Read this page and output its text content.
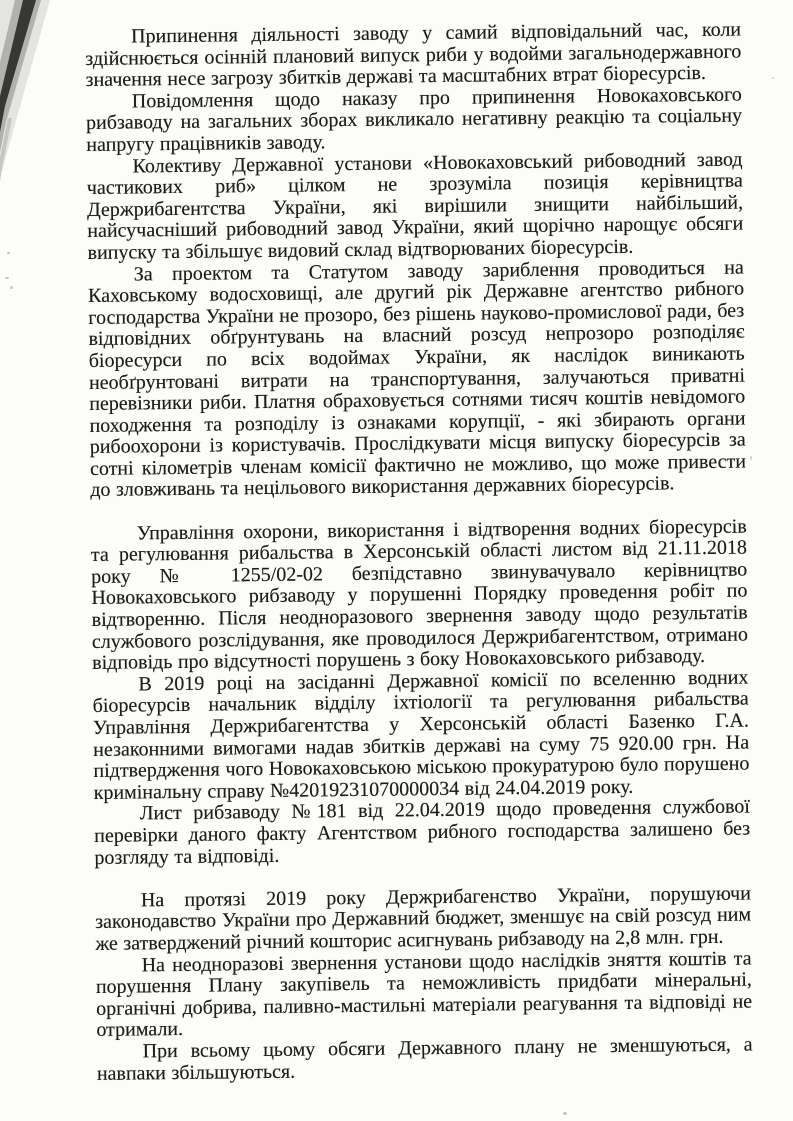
Припинення діяльності заводу у самий відповідальний час, коли здійснюється осінній плановий випуск риби у водойми загальнодержавного значення несе загрозу збитків державі та масштабних втрат біоресурсів.

Повідомлення щодо наказу про припинення Новокаховського рибзаводу на загальних зборах викликало негативну реакцію та соціальну напругу працівників заводу.

Колективу Державної установи «Новокаховський рибоводний завод частикових риб» цілком не зрозуміла позиція керівництва Держрибагентства України, які вирішили знищити найбільший, найсучасніший рибоводний завод України, який щорічно нарощує обсяги випуску та збільшує видовий склад відтворюваних біоресурсів.

За проектом та Статутом заводу зариблення проводиться на Каховському водосховищі, але другий рік Державне агентство рибного господарства України не прозоро, без рішень науково-промислової ради, без відповідних обґрунтувань на власний розсуд непрозоро розподіляє біоресурси по всіх водоймах України, як наслідок виникають необґрунтовані витрати на транспортування, залучаються приватні перевізники риби. Платня обраховується сотнями тисяч коштів невідомого походження та розподілу із ознаками корупції, - які збирають органи рибоохорони із користувачів. Прослідкувати місця випуску біоресурсів за сотні кілометрів членам комісії фактично не можливо, що може привести до зловживань та нецільового використання державних біоресурсів.

Управління охорони, використання і відтворення водних біоресурсів та регулювання рибальства в Херсонській області листом від 21.11.2018 року № 1255/02-02 безпідставно звинувачувало керівництво Новокаховського рибзаводу у порушенні Порядку проведення робіт по відтворенню. Після неодноразового звернення заводу щодо результатів службового розслідування, яке проводилося Держрибагентством, отримано відповідь про відсутності порушень з боку Новокаховського рибзаводу.

В 2019 році на засіданні Державної комісії по вселенню водних біоресурсів начальник відділу іхтіології та регулювання рибальства Управління Держрибагентства у Херсонській області Базенко Г.А. незаконними вимогами надав збитків державі на суму 75 920.00 грн. На підтвердження чого Новокаховською міською прокуратурою було порушено кримінальну справу №42019231070000034 від 24.04.2019 року.

Лист рибзаводу №181 від 22.04.2019 щодо проведення службової перевірки даного факту Агентством рибного господарства залишено без розгляду та відповіді.

На протязі 2019 року Держрибагенство України, порушуючи законодавство України про Державний бюджет, зменшує на свій розсуд ним же затверджений річний кошторис асигнувань рибзаводу на 2,8 млн. грн.

На неодноразові звернення установи щодо наслідків зняття коштів та порушення Плану закупівель та неможливість придбати мінеральні, органічні добрива, паливно-мастильні матеріали реагування та відповіді не отримали.

При всьому цьому обсяги Державного плану не зменшуються, а навпаки збільшуються.
